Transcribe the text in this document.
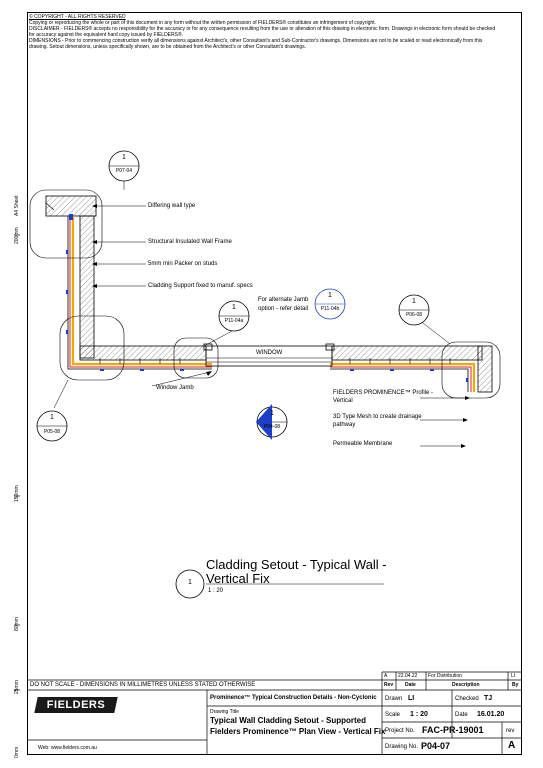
© COPYRIGHT - ALL RIGHTS RESERVED
Copying or reproducing the whole or part of this document in any form without the written permission of FIELDERS® constitutes an infringement of copyright.
DISCLAIMER - FIELDERS® accepts no responsibility for the accuracy or for any consequence resulting from the use or alteration of this drawing in electronic form. Drawings in electronic form should be checked for accuracy against the equivalent hard copy issued by FIELDERS®.
DIMENSIONS - Prior to commencing construction verify all dimensions against Architect's, other Consultant's and Sub-Contractor's drawings. Dimensions are not to be scaled or read electronically from this drawing. Setout dimensions, unless specifically shown, are to be obtained from the Architect's or other Consultant's drawings.
A4 Sheet
200mm
150mm
80mm
25mm
0mm
1
P07-04
1
P11-04a
1
P11-04b
1
P06-08
1
P05-08
1
P04-08
Differing wall type
Structural Insulated Wall Frame
5mm min Packer on studs
Cladding Support fixed to manuf. specs
For alternate Jamb
option - refer detail
WINDOW
Window Jamb
FIELDERS PROMINENCE™ Profile -
Vertical
3D Type Mesh to create drainage
pathway
Permeable Membrane
Cladding Setout - Typical Wall -
Vertical Fix
1
1 : 20
A 22.04.22 For Distribution	LI
Rev Date	Description	By
DO NOT SCALE - DIMENSIONS IN MILLIMETRES UNLESS STATED OTHERWISE
FIELDERS
Web: www.fielders.com.au
Prominence™ Typical Construction Details - Non-Cyclonic
Drawing Title
Typical Wall Cladding Setout - Supported
Fielders Prominence™ Plan View - Vertical Fix
Drawn LI	Checked TJ
Scale 1 : 20	Date 16.01.20
Project No. FAC-PR-19001	rev
Drawing No. P04-07	A
